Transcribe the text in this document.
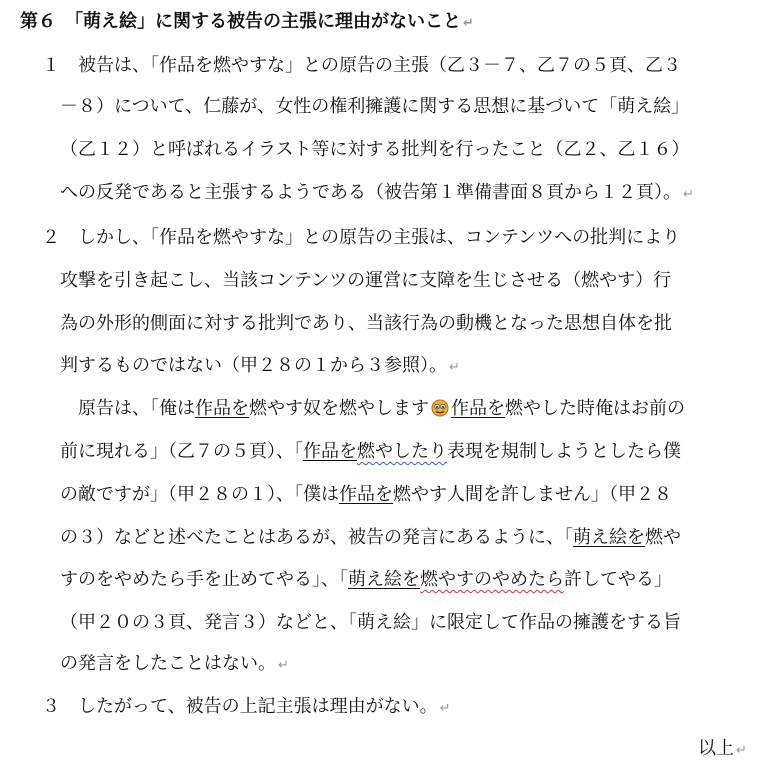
第６　「萌え絵」に関する被告の主張に理由がないこと ↵
１　被告は、「作品を燃やすな」との原告の主張（乙３－７、乙７の５頁、乙３
－８）について、仁藤が、女性の権利擁護に関する思想に基づいて「萌え絵」
（乙１２）と呼ばれるイラスト等に対する批判を行ったこと（乙２、乙１６）
への反発であると主張するようである（被告第１準備書面８頁から１２頁）。 ↵
２　しかし、「作品を燃やすな」との原告の主張は、コンテンツへの批判により
攻撃を引き起こし、当該コンテンツの運営に支障を生じさせる（燃やす）行
為の外形的側面に対する批判であり、当該行為の動機となった思想自体を批
判するものではない（甲２８の１から３参照）。 ↵
原告は、「俺は作品を燃やす奴を燃やします 作品を燃やした時俺はお前の
前に現れる」（乙７の５頁）、「作品を燃やしたり表現を規制しようとしたら僕
の敵ですが」（甲２８の１）、「僕は作品を燃やす人間を許しません」（甲２８
の３）などと述べたことはあるが、被告の発言にあるように、「萌え絵を燃や
すのをやめたら手を止めてやる」、「萌え絵を燃やすのやめたら許してやる」
（甲２０の３頁、発言３）などと、「萌え絵」に限定して作品の擁護をする旨
の発言をしたことはない。 ↵
３　したがって、被告の上記主張は理由がない。 ↵
以上 ↵
